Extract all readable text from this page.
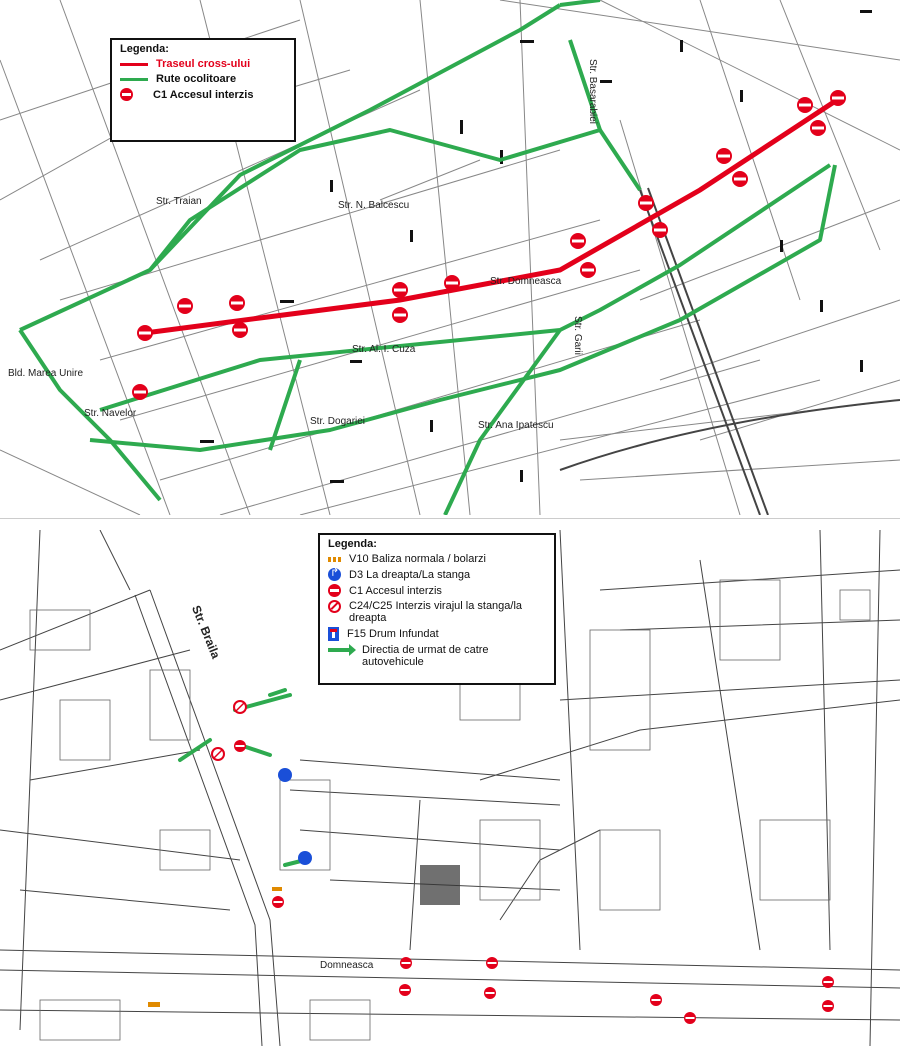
Str. Traian	Str. N. Balcescu
Str. Domneasca
Str. Al. I. Cuza
Str. Dogariei	Str. Ana Ipatescu
Str. Basarabiei
Str. Garii
Bld. Marea Unire
Str. Navelor
Legenda:
Traseul cross-ului
Rute ocolitoare
C1 Accesul interzis
Str. Braila
Domneasca
Legenda:
V10 Baliza normala / bolarzi
↱
D3 La dreapta/La stanga
C1 Accesul interzis
C24/C25 Interzis virajul la stanga/la dreapta
F15 Drum Infundat
Directia de urmat de catre autovehicule
